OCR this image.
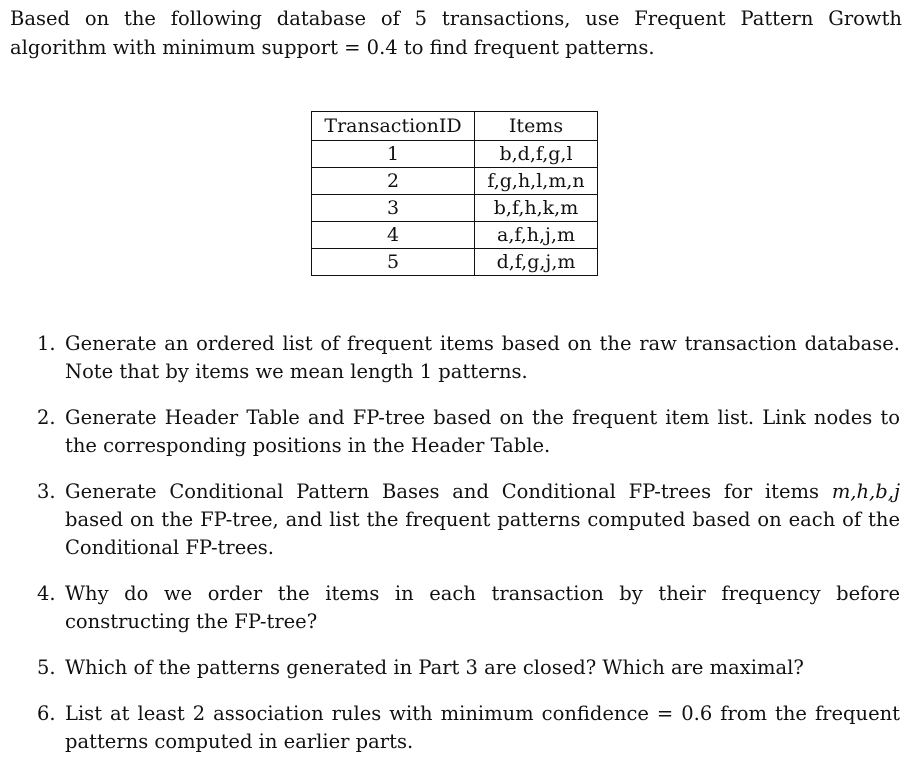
Based on the following database of 5 transactions, use Frequent Pattern Growth algorithm with minimum support = 0.4 to find frequent patterns.

TransactionID	Items
1	b,d,f,g,l
2	f,g,h,l,m,n
3	b,f,h,k,m
4	a,f,h,j,m
5	d,f,g,j,m
1. Generate an ordered list of frequent items based on the raw transaction database. Note that by items we mean length 1 patterns.
2. Generate Header Table and FP-tree based on the frequent item list. Link nodes to the corresponding positions in the Header Table.
3. Generate Conditional Pattern Bases and Conditional FP-trees for items m,h,b,j based on the FP-tree, and list the frequent patterns computed based on each of the Conditional FP-trees.
4. Why do we order the items in each transaction by their frequency before constructing the FP-tree?
5. Which of the patterns generated in Part 3 are closed? Which are maximal?
6. List at least 2 association rules with minimum confidence = 0.6 from the frequent patterns computed in earlier parts.
